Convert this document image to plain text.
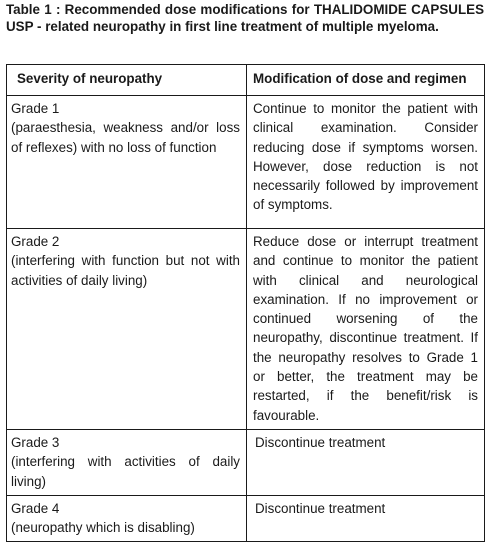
Table 1 : Recommended dose modifications for THALIDOMIDE CAPSULES USP - related neuropathy in first line treatment of multiple myeloma.
Severity of neuropathy	Modification of dose and regimen

Grade 1
(paraesthesia, weakness and/or loss of reflexes) with no loss of function	Continue to monitor the patient with clinical examination. Consider reducing dose if symptoms worsen. However, dose reduction is not necessarily followed by improvement of symptoms.

Grade 2
(interfering with function but not with activities of daily living)	Reduce dose or interrupt treatment and continue to monitor the patient with clinical and neurological examination. If no improvement or continued worsening of the neuropathy, discontinue treatment. If the neuropathy resolves to Grade 1 or better, the treatment may be restarted, if the benefit/risk is favourable.

Grade 3
(interfering with activities of daily living)	Discontinue treatment

Grade 4
(neuropathy which is disabling)	Discontinue treatment
